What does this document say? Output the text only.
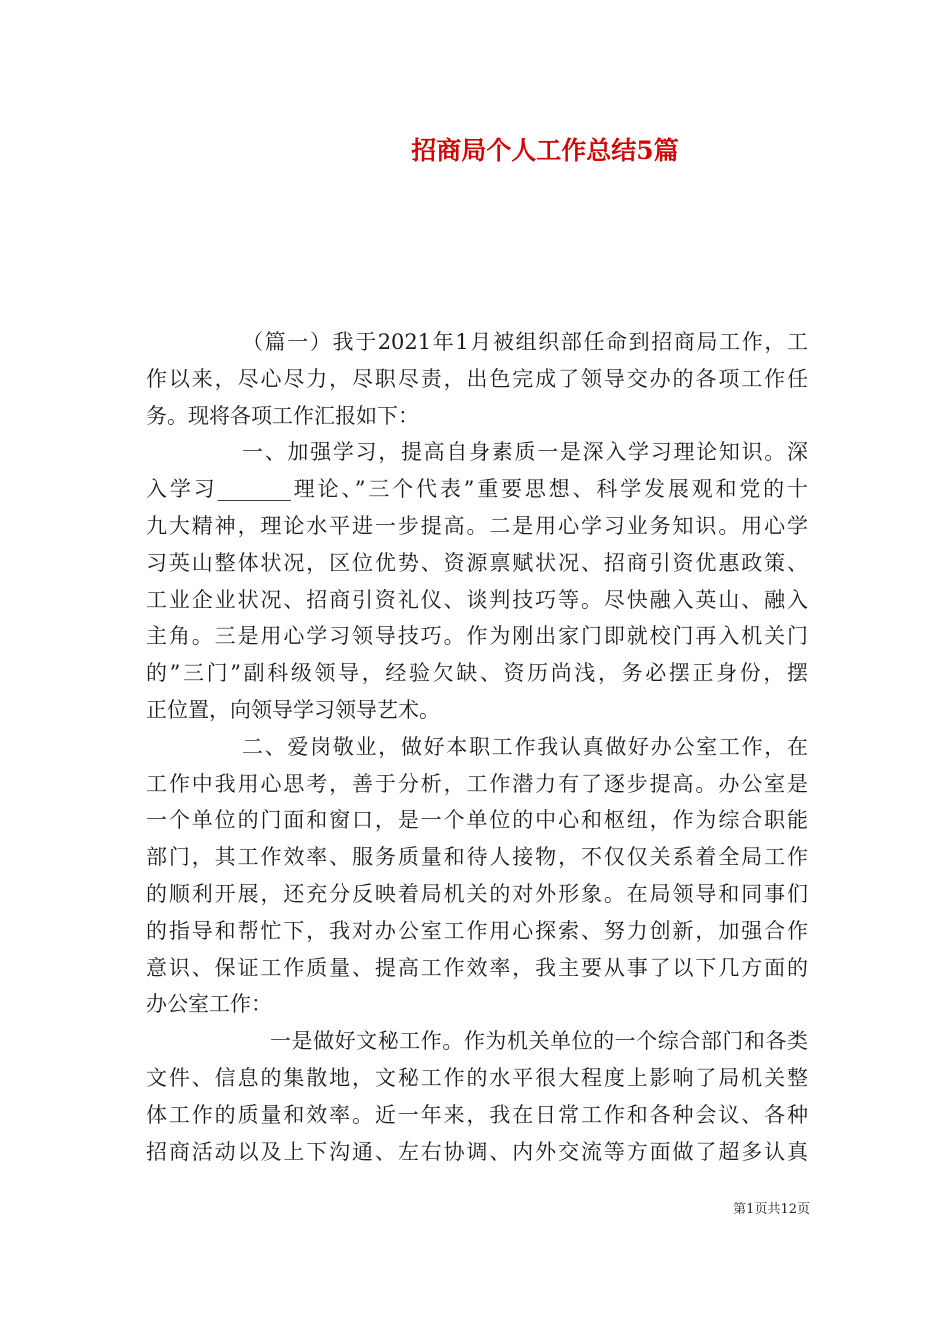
招商局个人工作总结5篇
（篇一）我于2021年1月被组织部任命到招商局工作，工
作以来，尽心尽力，尽职尽责，出色完成了领导交办的各项工作任
务。现将各项工作汇报如下：
一、加强学习，提高自身素质一是深入学习理论知识。深
入学习_______理论、”三个代表”重要思想、科学发展观和党的十
九大精神，理论水平进一步提高。二是用心学习业务知识。用心学
习英山整体状况，区位优势、资源禀赋状况、招商引资优惠政策、
工业企业状况、招商引资礼仪、谈判技巧等。尽快融入英山、融入
主角。三是用心学习领导技巧。作为刚出家门即就校门再入机关门
的”三门”副科级领导，经验欠缺、资历尚浅，务必摆正身份，摆
正位置，向领导学习领导艺术。
二、爱岗敬业，做好本职工作我认真做好办公室工作，在
工作中我用心思考，善于分析，工作潜力有了逐步提高。办公室是
一个单位的门面和窗口，是一个单位的中心和枢纽，作为综合职能
部门，其工作效率、服务质量和待人接物，不仅仅关系着全局工作
的顺利开展，还充分反映着局机关的对外形象。在局领导和同事们
的指导和帮忙下，我对办公室工作用心探索、努力创新，加强合作
意识、保证工作质量、提高工作效率，我主要从事了以下几方面的
办公室工作：
一是做好文秘工作。作为机关单位的一个综合部门和各类
文件、信息的集散地，文秘工作的水平很大程度上影响了局机关整
体工作的质量和效率。近一年来，我在日常工作和各种会议、各种
招商活动以及上下沟通、左右协调、内外交流等方面做了超多认真
第1页共12页
